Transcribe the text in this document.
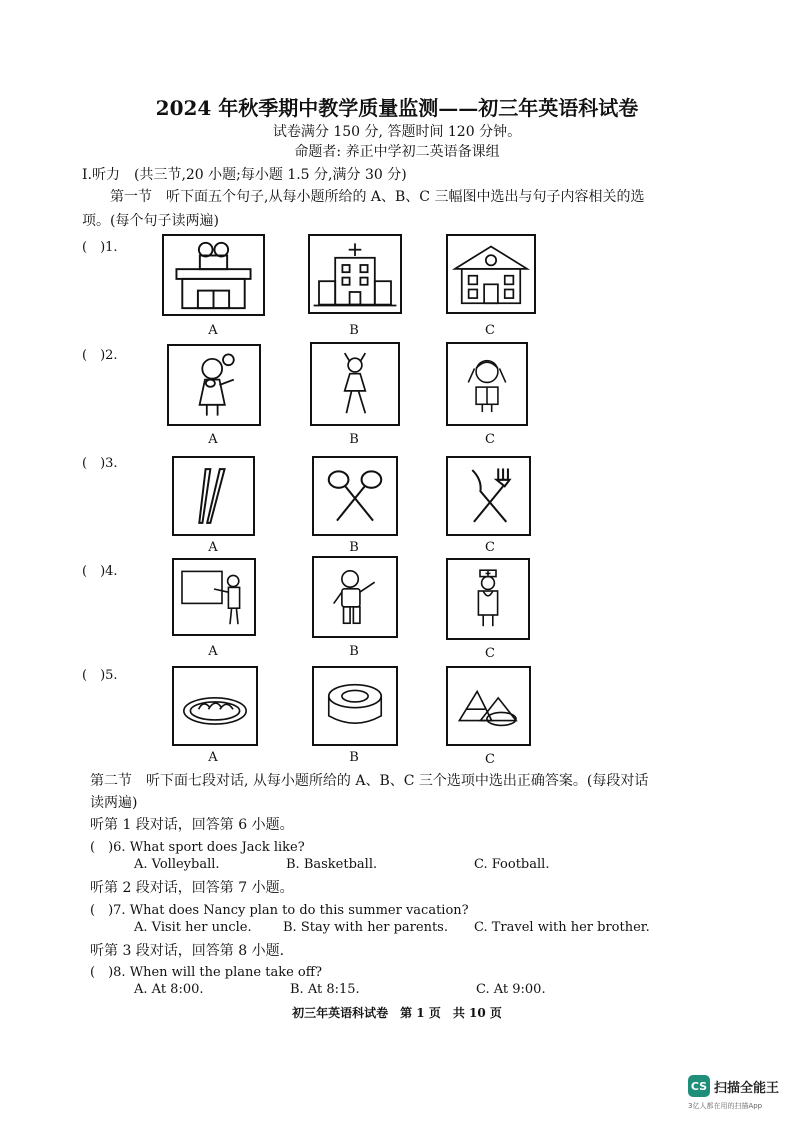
2024 年秋季期中教学质量监测——初三年英语科试卷
试卷满分 150 分, 答题时间 120 分钟。
命题者: 养正中学初二英语备课组
Ⅰ.听力　(共三节,20 小题;每小题 1.5 分,满分 30 分)
第一节　听下面五个句子,从每小题所给的 A、B、C 三幅图中选出与句子内容相关的选
项。(每个句子读两遍)
(　)1.
A	B	C
(　)2.
A	B	C
(　)3.
A	B	C
(　)4.
A	B	C
(　)5.
A	B	C
第二节　听下面七段对话, 从每小题所给的 A、B、C 三个选项中选出正确答案。(每段对话
读两遍)
听第 1 段对话，回答第 6 小题。
(　)6. What sport does Jack like?
A. Volleyball.	B. Basketball.	C. Football.
听第 2 段对话，回答第 7 小题。
(　)7. What does Nancy plan to do this summer vacation?
A. Visit her uncle. B. Stay with her parents. C. Travel with her brother.
听第 3 段对话，回答第 8 小题.
(　)8. When will the plane take off?
A. At 8:00.	B. At 8:15.	C. At 9:00.
初三年英语科试卷　第 1 页　共 10 页
CS 扫描全能王
3亿人都在用的扫描App
